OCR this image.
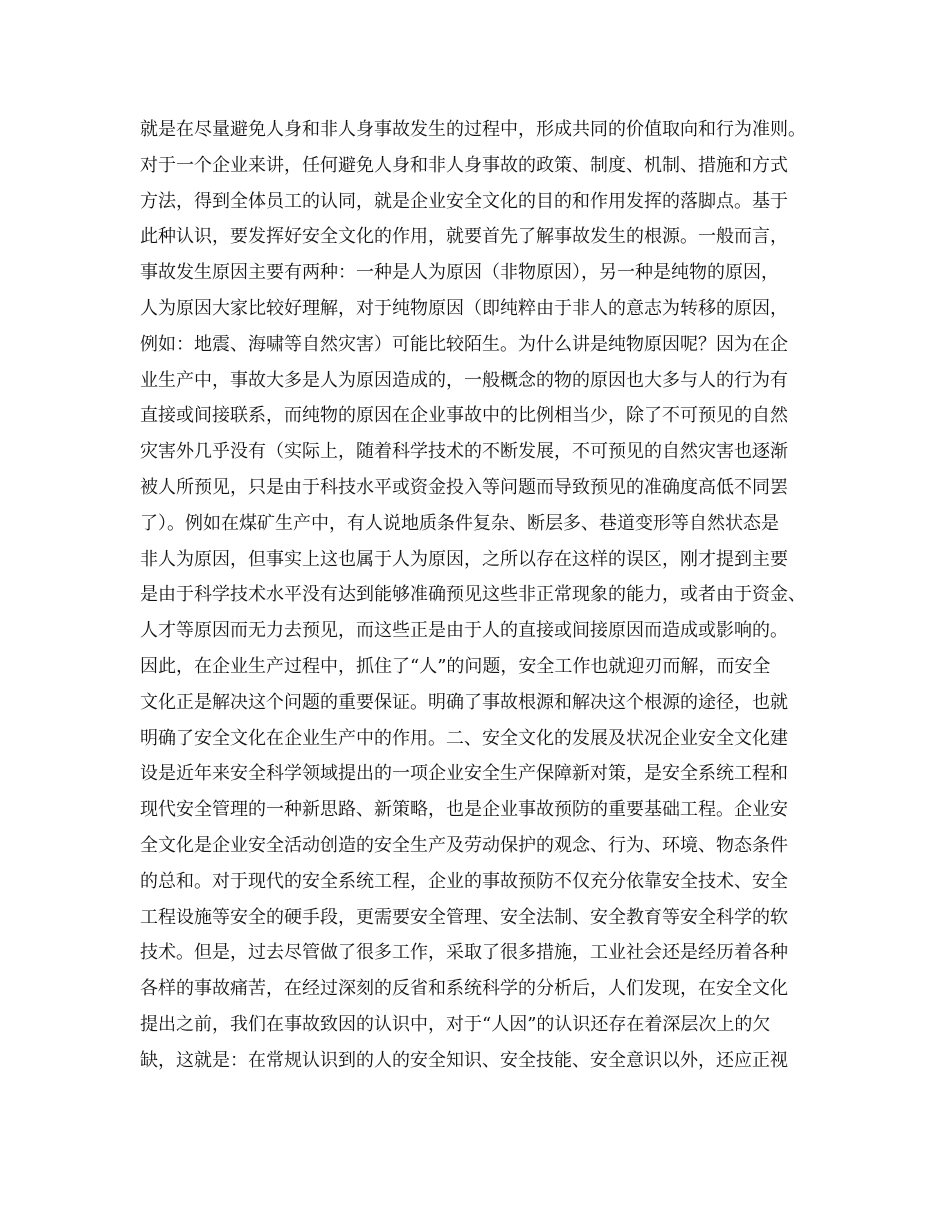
就是在尽量避免人身和非人身事故发生的过程中，形成共同的价值取向和行为准则。
对于一个企业来讲，任何避免人身和非人身事故的政策、制度、机制、措施和方式
方法，得到全体员工的认同，就是企业安全文化的目的和作用发挥的落脚点。基于
此种认识，要发挥好安全文化的作用，就要首先了解事故发生的根源。一般而言，
事故发生原因主要有两种：一种是人为原因（非物原因），另一种是纯物的原因，
人为原因大家比较好理解，对于纯物原因（即纯粹由于非人的意志为转移的原因，
例如：地震、海啸等自然灾害）可能比较陌生。为什么讲是纯物原因呢？因为在企
业生产中，事故大多是人为原因造成的，一般概念的物的原因也大多与人的行为有
直接或间接联系，而纯物的原因在企业事故中的比例相当少，除了不可预见的自然
灾害外几乎没有（实际上，随着科学技术的不断发展，不可预见的自然灾害也逐渐
被人所预见，只是由于科技水平或资金投入等问题而导致预见的准确度高低不同罢
了）。例如在煤矿生产中，有人说地质条件复杂、断层多、巷道变形等自然状态是
非人为原因，但事实上这也属于人为原因，之所以存在这样的误区，刚才提到主要
是由于科学技术水平没有达到能够准确预见这些非正常现象的能力，或者由于资金、
人才等原因而无力去预见，而这些正是由于人的直接或间接原因而造成或影响的。
因此，在企业生产过程中，抓住了“人”的问题，安全工作也就迎刃而解，而安全
文化正是解决这个问题的重要保证。明确了事故根源和解决这个根源的途径，也就
明确了安全文化在企业生产中的作用。二、安全文化的发展及状况企业安全文化建
设是近年来安全科学领域提出的一项企业安全生产保障新对策，是安全系统工程和
现代安全管理的一种新思路、新策略，也是企业事故预防的重要基础工程。企业安
全文化是企业安全活动创造的安全生产及劳动保护的观念、行为、环境、物态条件
的总和。对于现代的安全系统工程，企业的事故预防不仅充分依靠安全技术、安全
工程设施等安全的硬手段，更需要安全管理、安全法制、安全教育等安全科学的软
技术。但是，过去尽管做了很多工作，采取了很多措施，工业社会还是经历着各种
各样的事故痛苦，在经过深刻的反省和系统科学的分析后，人们发现，在安全文化
提出之前，我们在事故致因的认识中，对于“人因”的认识还存在着深层次上的欠
缺，这就是：在常规认识到的人的安全知识、安全技能、安全意识以外，还应正视
